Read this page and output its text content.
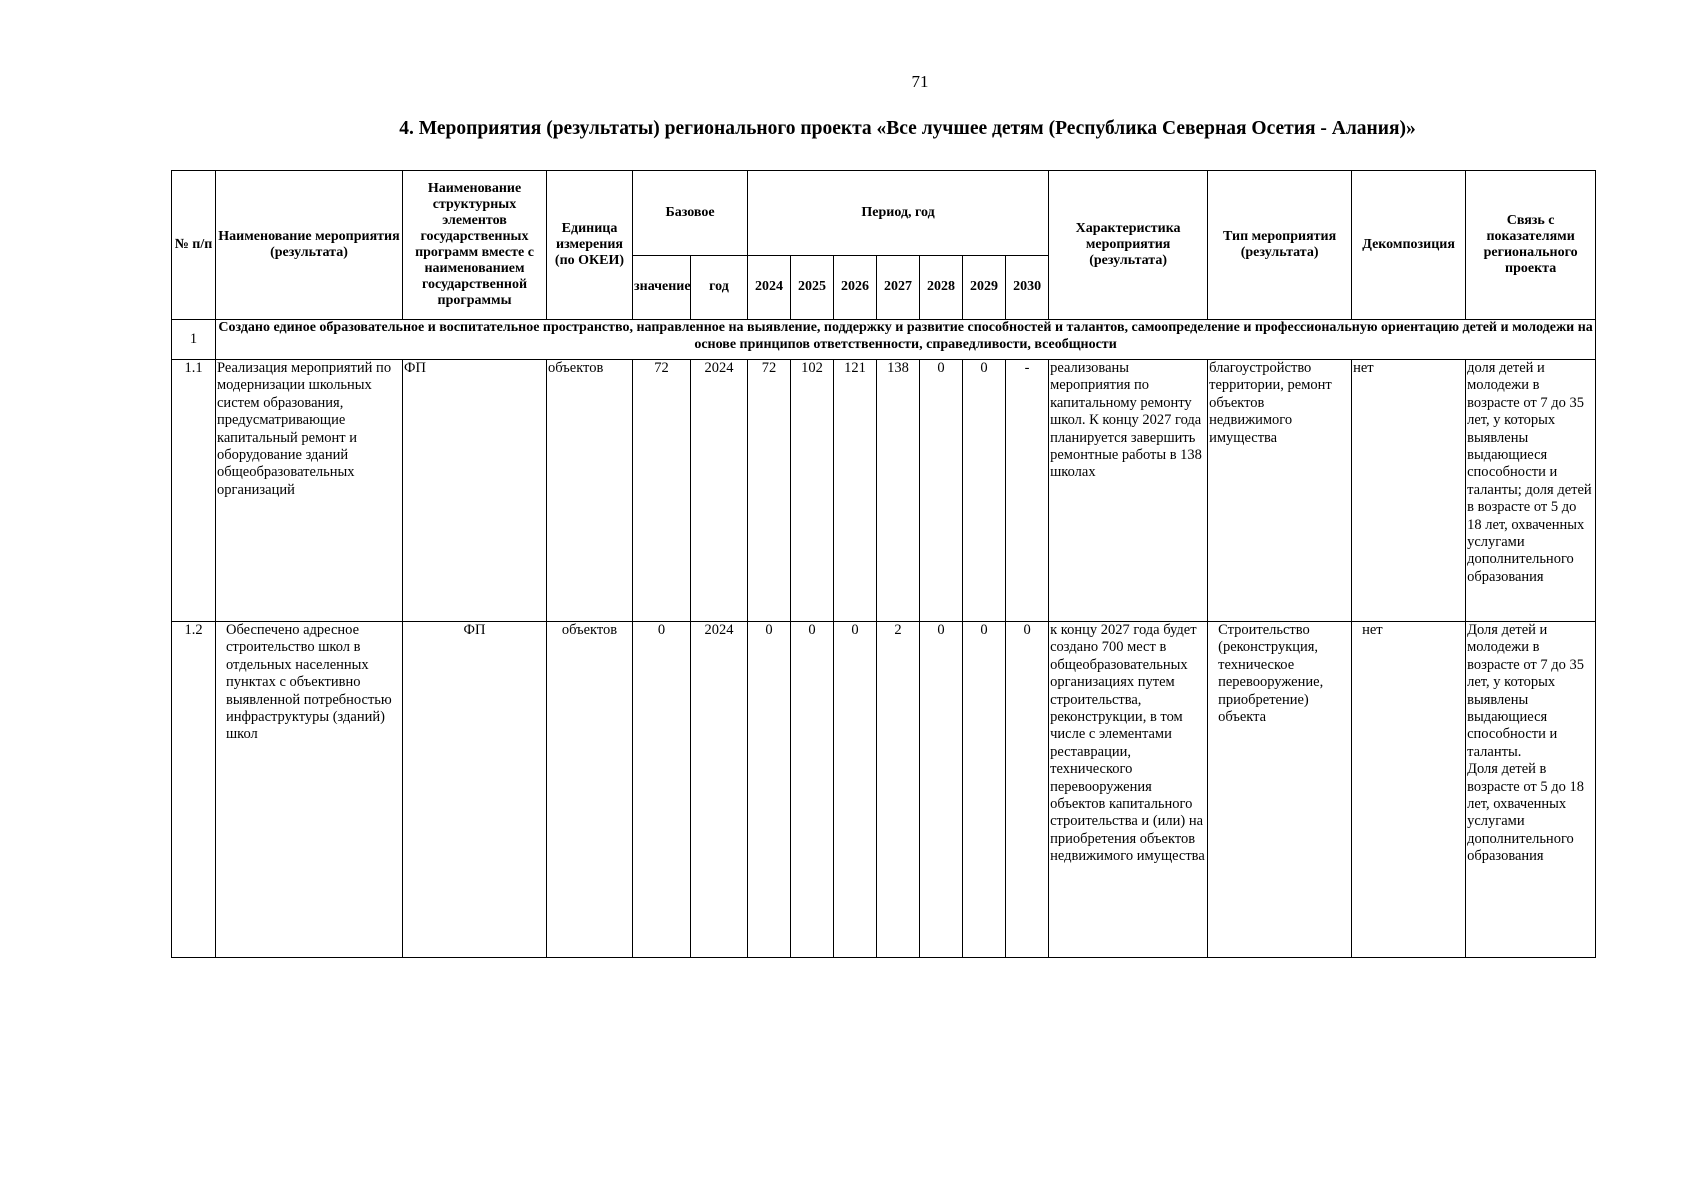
71
4. Мероприятия (результаты) регионального проекта «Все лучшее детям (Республика Северная Осетия - Алания)»
№ п/п	Наименование мероприятия (результата)	Наименование структурных элементов государственных программ вместе с наименованием государственной программы	Единица измерения (по ОКЕИ)	Базовое		Период, год							Характеристика мероприятия (результата)	Тип мероприятия (результата)	Декомпозиция	Связь с показателями регионального проекта
				значение	год	2024	2025	2026	2027	2028	2029	2030				
1	Создано единое образовательное и воспитательное пространство, направленное на выявление, поддержку и развитие способностей и талантов, самоопределение и профессиональную ориентацию детей и молодежи на основе принципов ответственности, справедливости, всеобщности															
1.1	Реализация мероприятий по модернизации школьных систем образования, предусматривающие капитальный ремонт и оборудование зданий общеобразовательных организаций	ФП	объектов	72	2024	72	102	121	138	0	0	-	реализованы мероприятия по капитальному ремонту школ. К концу 2027 года планируется завершить ремонтные работы в 138 школах	благоустройство территории, ремонт объектов недвижимого имущества	нет	доля детей и молодежи в возрасте от 7 до 35 лет, у которых выявлены выдающиеся способности и таланты; доля детей в возрасте от 5 до 18 лет, охваченных услугами дополнительного образования
1.2	Обеспечено адресное строительство школ в отдельных населенных пунктах с объективно выявленной потребностью инфраструктуры (зданий) школ	ФП	объектов	0	2024	0	0	0	2	0	0	0	к концу 2027 года будет создано 700 мест в общеобразовательных организациях путем строительства, реконструкции, в том числе с элементами реставрации, технического перевооружения объектов капитального строительства и (или) на приобретения объектов недвижимого имущества	Строительство (реконструкция, техническое перевооружение, приобретение) объекта	нет	Доля детей и молодежи в возрасте от 7 до 35 лет, у которых выявлены выдающиеся способности и таланты.
Доля детей в возрасте от 5 до 18 лет, охваченных услугами дополнительного образования
